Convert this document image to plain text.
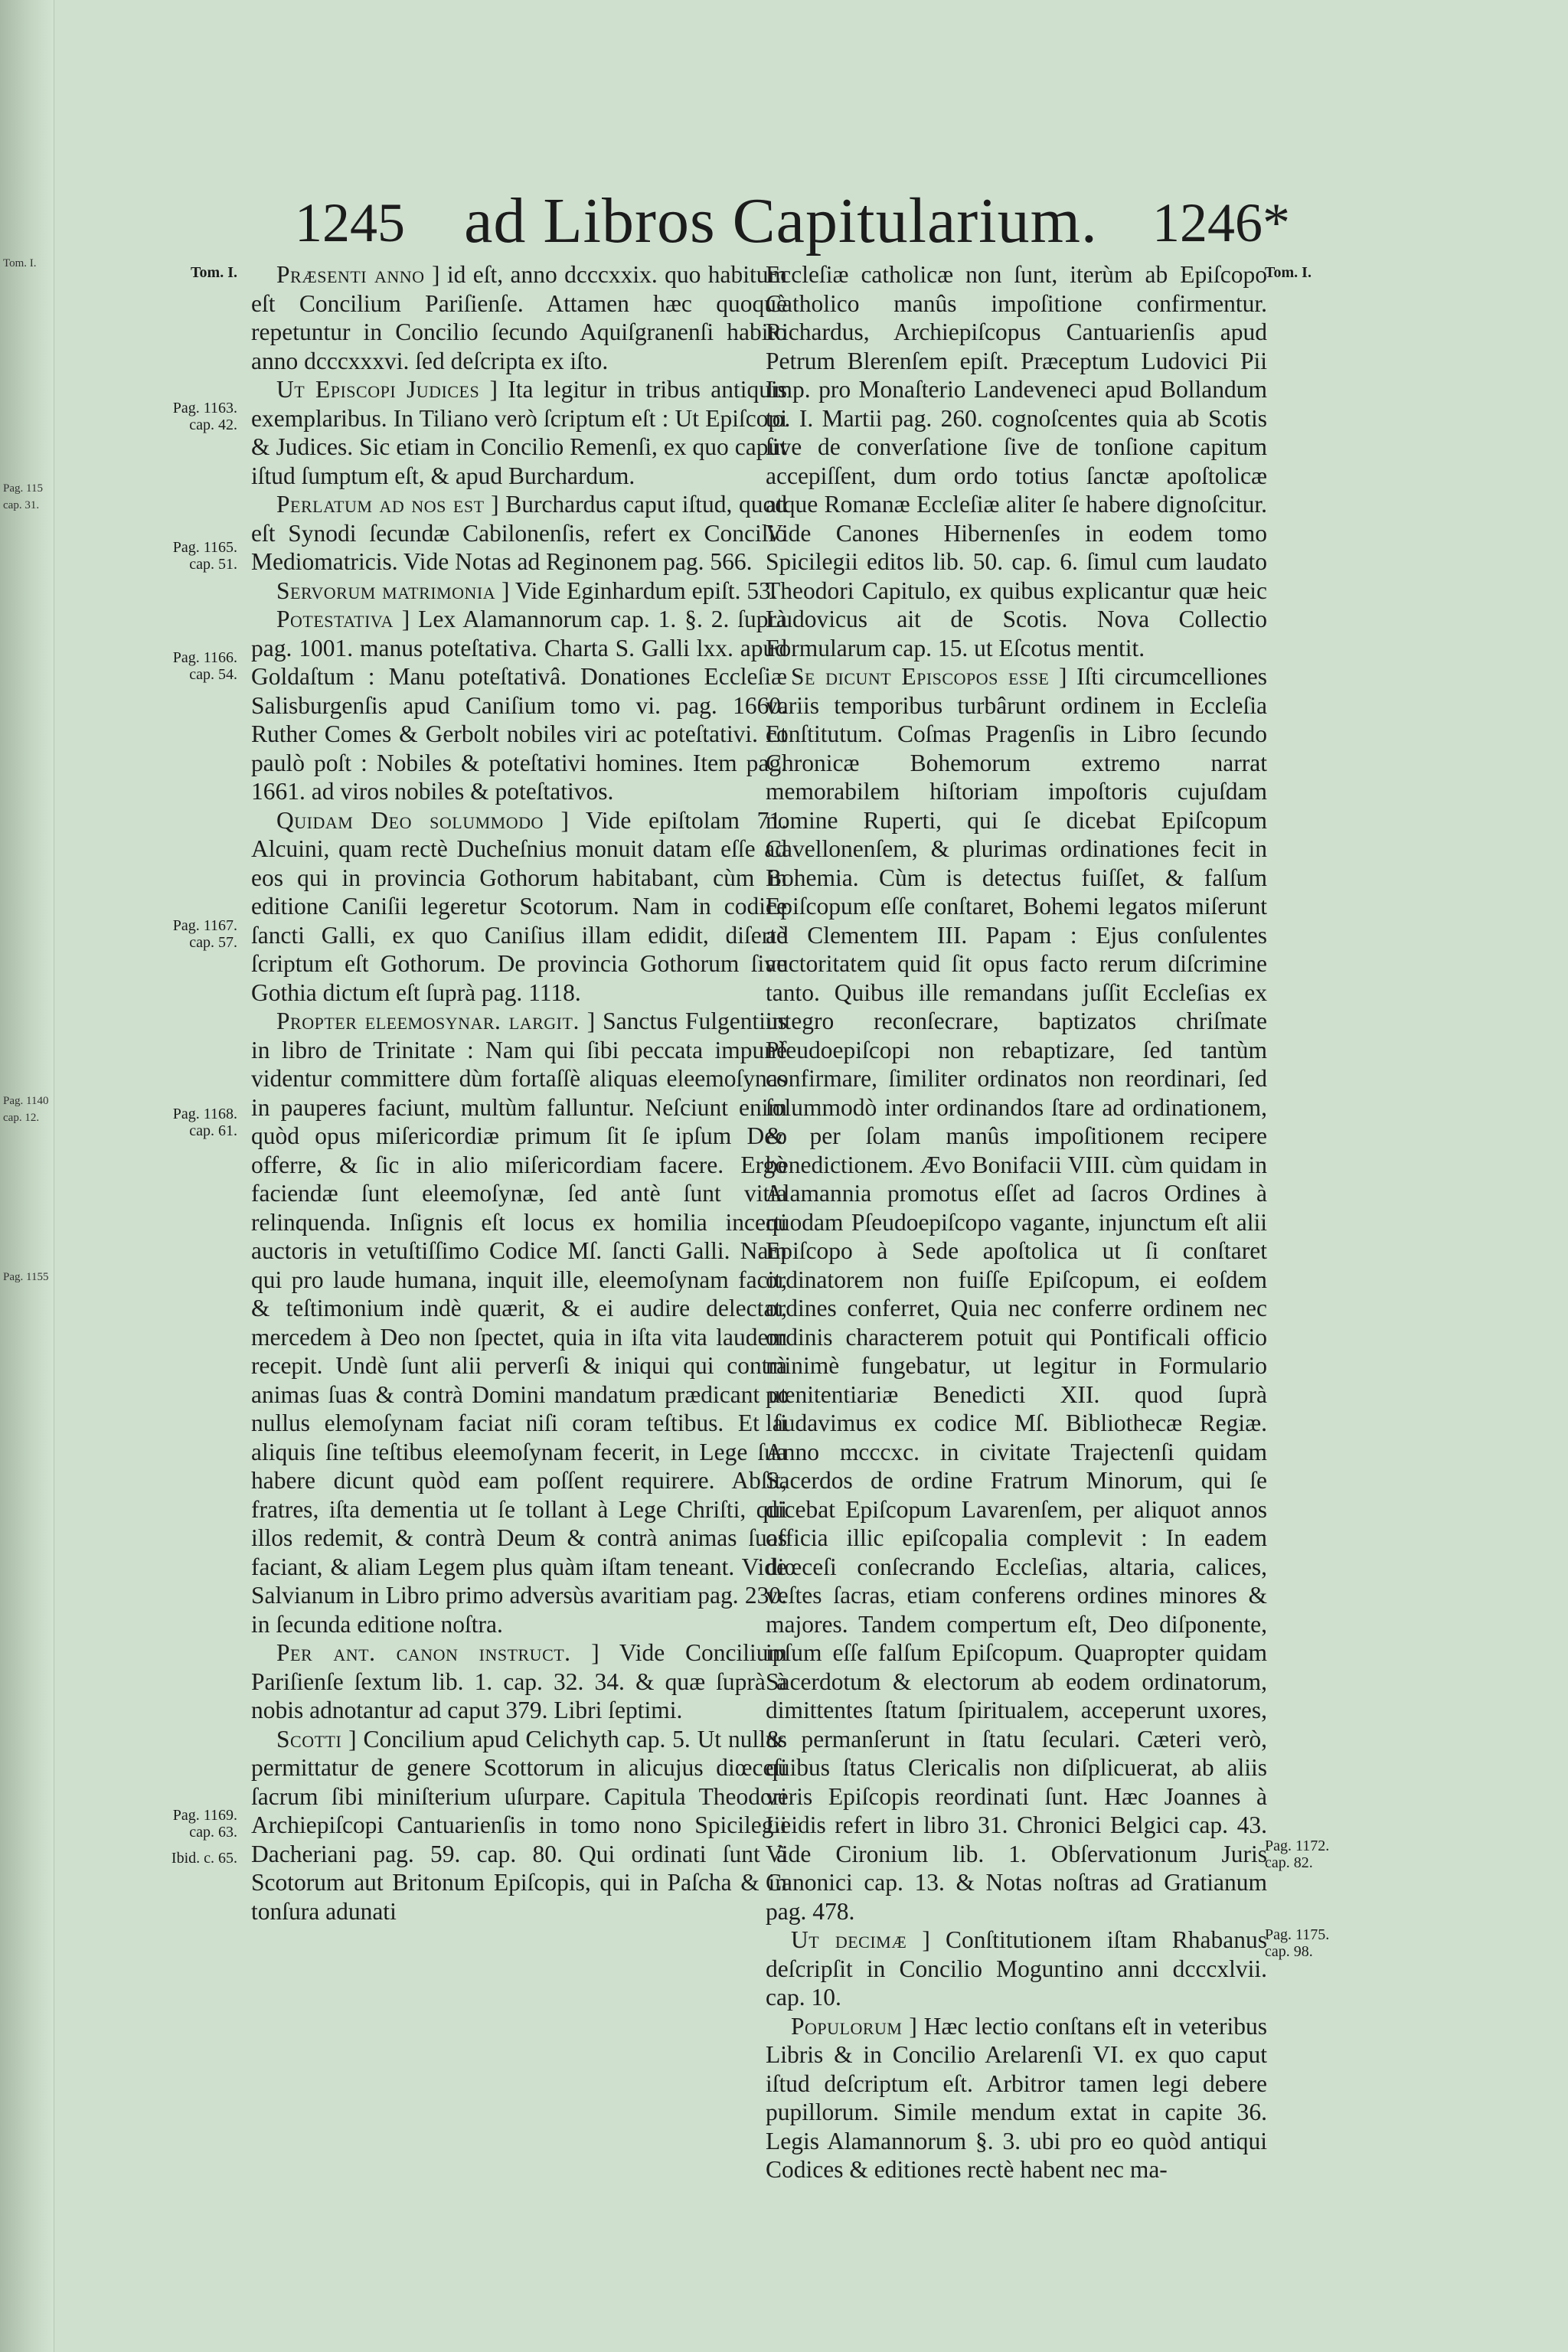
Tom. I.
Pag. 115
cap. 31.
Pag. 1140
cap. 12.
Pag. 1155
1245 ad Libros Capitularium. 1246*
Tom. I.
Pag. 1163.
cap. 42.
Pag. 1165.
cap. 51.
Pag. 1166.
cap. 54.
Pag. 1167.
cap. 57.
Pag. 1168.
cap. 61.
Pag. 1169.
cap. 63.
Ibid. c. 65.
Tom. I.
Pag. 1172.
cap. 82.
Pag. 1175.
cap. 98.

Præsenti anno ] id eſt, anno dcccxxix. quo habitum eſt Concilium Pariſienſe. Attamen hæc quoquè repetuntur in Concilio ſecundo Aquiſgranenſi habito anno dcccxxxvi. ſed deſcripta ex iſto.

Ut Episcopi Judices ] Ita legitur in tribus antiquis exemplaribus. In Tiliano verò ſcriptum eſt : Ut Epiſcopi & Judices. Sic etiam in Concilio Remenſi, ex quo caput iſtud ſumptum eſt, & apud Burchardum.

Perlatum ad nos est ] Burchardus caput iſtud, quod eſt Synodi ſecundæ Cabilonenſis, refert ex Concilio Mediomatricis. Vide Notas ad Reginonem pag. 566.

Servorum matrimonia ] Vide Eginhardum epiſt. 53.

Potestativa ] Lex Alamannorum cap. 1. §. 2. ſuprà pag. 1001. manus poteſtativa. Charta S. Galli lxx. apud Goldaſtum : Manu poteſtativâ. Donationes Eccleſiæ Salisburgenſis apud Caniſium tomo vi. pag. 1660. Ruther Comes & Gerbolt nobiles viri ac poteſtativi. Et paulò poſt : Nobiles & poteſtativi homines. Item pag. 1661. ad viros nobiles & poteſtativos.

Quidam Deo solummodo ] Vide epiſtolam 71. Alcuini, quam rectè Ducheſnius monuit datam eſſe ad eos qui in provincia Gothorum habitabant, cùm in editione Caniſii legeretur Scotorum. Nam in codice ſancti Galli, ex quo Caniſius illam edidit, diſertè ſcriptum eſt Gothorum. De provincia Gothorum ſive Gothia dictum eſt ſuprà pag. 1118.

Propter eleemosynar. largit. ] Sanctus Fulgentius in libro de Trinitate : Nam qui ſibi peccata impunè videntur committere dùm fortaſſè aliquas eleemoſynas in pauperes faciunt, multùm falluntur. Neſciunt enim quòd opus miſericordiæ primum ſit ſe ipſum Deo offerre, & ſic in alio miſericordiam facere. Ergò faciendæ ſunt eleemoſynæ, ſed antè ſunt vitia relinquenda. Inſignis eſt locus ex homilia incerti auctoris in vetuſtiſſimo Codice Mſ. ſancti Galli. Nam qui pro laude humana, inquit ille, eleemoſynam facit, & teſtimonium indè quærit, & ei audire delectat, mercedem à Deo non ſpectet, quia in iſta vita laudem recepit. Undè ſunt alii perverſi & iniqui qui contrà animas ſuas & contrà Domini mandatum prædicant ut nullus elemoſynam faciat niſi coram teſtibus. Et ſi aliquis ſine teſtibus eleemoſynam fecerit, in Lege ſua habere dicunt quòd eam poſſent requirere. Abſit, fratres, iſta dementia ut ſe tollant à Lege Chriſti, qui illos redemit, & contrà Deum & contrà animas ſuas faciant, & aliam Legem plus quàm iſtam teneant. Vide Salvianum in Libro primo adversùs avaritiam pag. 230. in ſecunda editione noſtra.

Per ant. canon instruct. ] Vide Concilium Pariſienſe ſextum lib. 1. cap. 32. 34. & quæ ſuprà à nobis adnotantur ad caput 379. Libri ſeptimi.

Scotti ] Concilium apud Celichyth cap. 5. Ut nullus permittatur de genere Scottorum in alicujus diœceſi ſacrum ſibi miniſterium uſurpare. Capitula Theodori Archiepiſcopi Cantuarienſis in tomo nono Spicilegii Dacheriani pag. 59. cap. 80. Qui ordinati ſunt à Scotorum aut Britonum Epiſcopis, qui in Paſcha & in tonſura adunati

Eccleſiæ catholicæ non ſunt, iterùm ab Epiſcopo Catholico manûs impoſitione confirmentur. Richardus, Archiepiſcopus Cantuarienſis apud Petrum Blerenſem epiſt. Præceptum Ludovici Pii Imp. pro Monaſterio Landeveneci apud Bollandum to. I. Martii pag. 260. cognoſcentes quia ab Scotis ſive de converſatione ſive de tonſione capitum accepiſſent, dum ordo totius ſanctæ apoſtolicæ atque Romanæ Eccleſiæ aliter ſe habere dignoſcitur. Vide Canones Hibernenſes in eodem tomo Spicilegii editos lib. 50. cap. 6. ſimul cum laudato Theodori Capitulo, ex quibus explicantur quæ heic Ludovicus ait de Scotis. Nova Collectio Formularum cap. 15. ut Eſcotus mentit.

Se dicunt Episcopos esse ] Iſti circumcelliones variis temporibus turbârunt ordinem in Eccleſia conſtitutum. Coſmas Pragenſis in Libro ſecundo Chronicæ Bohemorum extremo narrat memorabilem hiſtoriam impoſtoris cujuſdam nomine Ruperti, qui ſe dicebat Epiſcopum Cavellonenſem, & plurimas ordinationes fecit in Bohemia. Cùm is detectus fuiſſet, & falſum Epiſcopum eſſe conſtaret, Bohemi legatos miſerunt ad Clementem III. Papam : Ejus conſulentes auctoritatem quid ſit opus facto rerum diſcrimine tanto. Quibus ille remandans juſſit Eccleſias ex integro reconſecrare, baptizatos chriſmate Pſeudoepiſcopi non rebaptizare, ſed tantùm confirmare, ſimiliter ordinatos non reordinari, ſed ſolummodò inter ordinandos ſtare ad ordinationem, & per ſolam manûs impoſitionem recipere benedictionem. Ævo Bonifacii VIII. cùm quidam in Alamannia promotus eſſet ad ſacros Ordines à quodam Pſeudoepiſcopo vagante, injunctum eſt alii Epiſcopo à Sede apoſtolica ut ſi conſtaret ordinatorem non fuiſſe Epiſcopum, ei eoſdem ordines conferret, Quia nec conferre ordinem nec ordinis characterem potuit qui Pontificali officio minimè fungebatur, ut legitur in Formulario pœnitentiariæ Benedicti XII. quod ſuprà laudavimus ex codice Mſ. Bibliothecæ Regiæ. Anno mcccxc. in civitate Trajectenſi quidam Sacerdos de ordine Fratrum Minorum, qui ſe dicebat Epiſcopum Lavarenſem, per aliquot annos officia illic epiſcopalia complevit : In eadem diœceſi conſecrando Eccleſias, altaria, calices, veſtes ſacras, etiam conferens ordines minores & majores. Tandem compertum eſt, Deo diſponente, ipſum eſſe falſum Epiſcopum. Quapropter quidam Sacerdotum & electorum ab eodem ordinatorum, dimittentes ſtatum ſpiritualem, acceperunt uxores, & permanſerunt in ſtatu ſeculari. Cæteri verò, quibus ſtatus Clericalis non diſplicuerat, ab aliis veris Epiſcopis reordinati ſunt. Hæc Joannes à Leidis refert in libro 31. Chronici Belgici cap. 43. Vide Cironium lib. 1. Obſervationum Juris Canonici cap. 13. & Notas noſtras ad Gratianum pag. 478.

Ut decimæ ] Conſtitutionem iſtam Rhabanus deſcripſit in Concilio Moguntino anni dcccxlvii. cap. 10.

Populorum ] Hæc lectio conſtans eſt in veteribus Libris & in Concilio Arelarenſi VI. ex quo caput iſtud deſcriptum eſt. Arbitror tamen legi debere pupillorum. Simile mendum extat in capite 36. Legis Alamannorum §. 3. ubi pro eo quòd antiqui Codices & editiones rectè habent nec ma-
